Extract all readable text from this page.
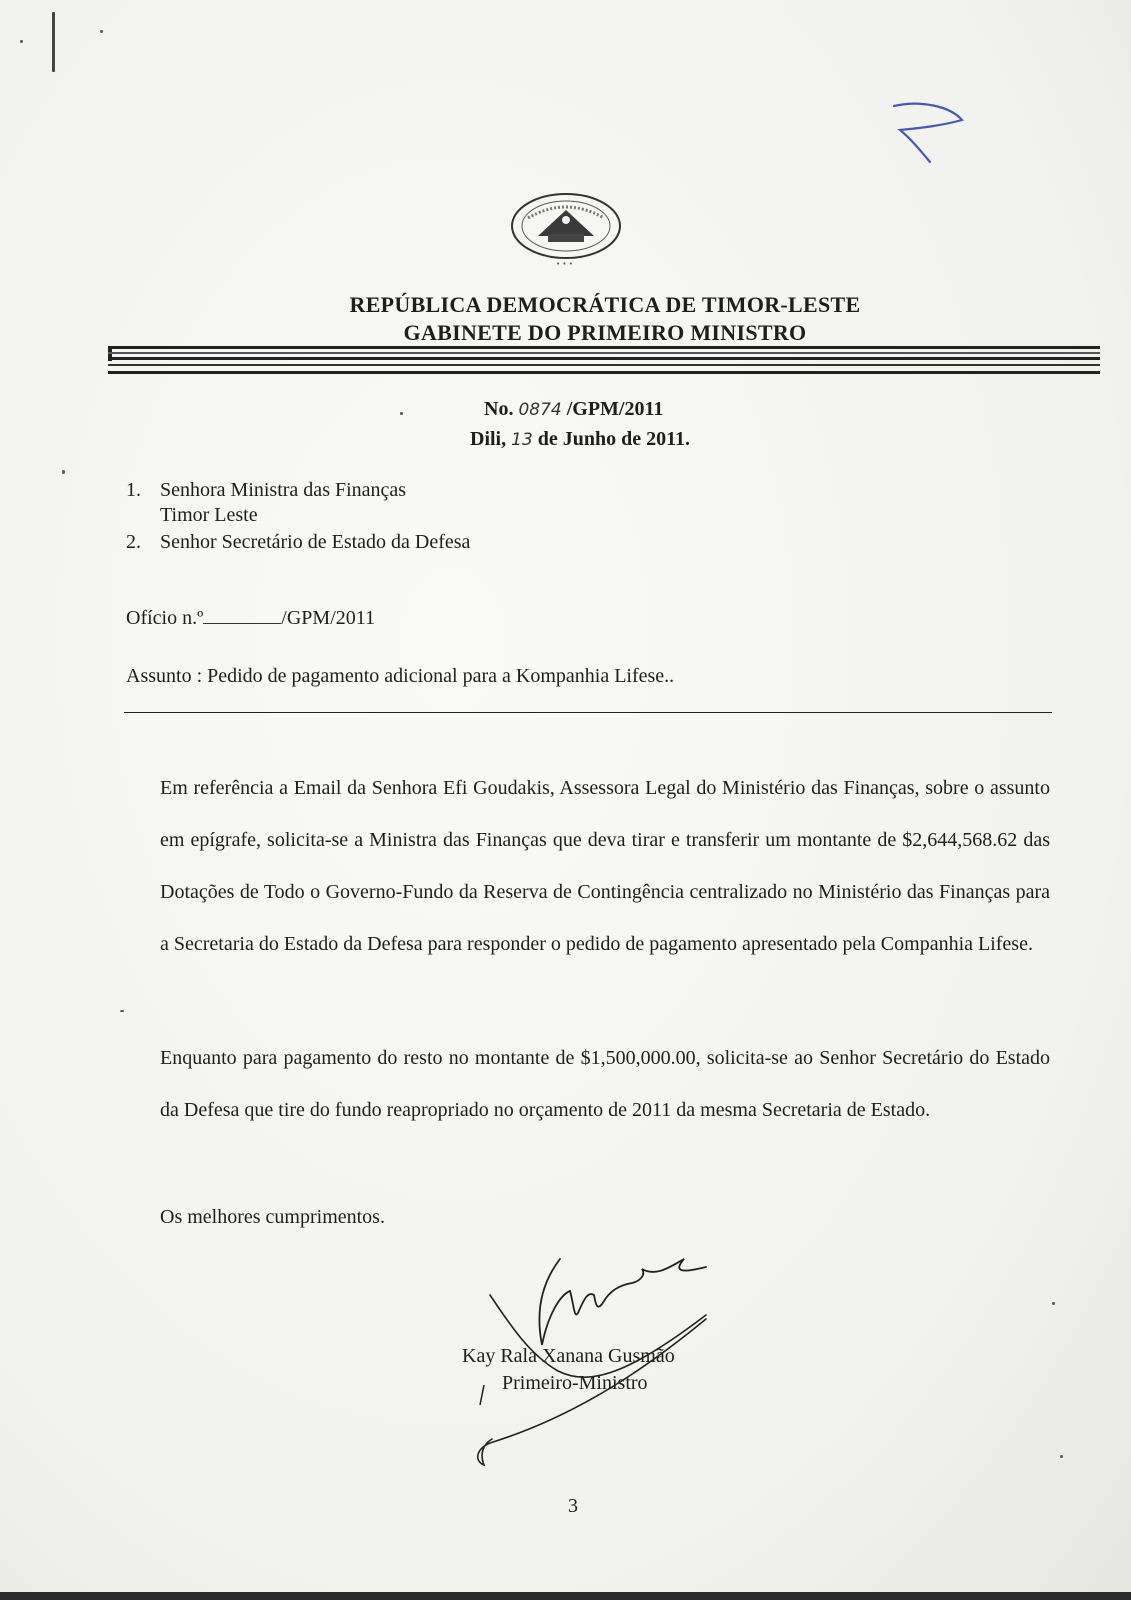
• • •
REPÚBLICA DEMOCRÁTICA DE TIMOR-LESTE
GABINETE DO PRIMEIRO MINISTRO
No. 0874 /GPM/2011
Dili, 13 de Junho de 2011.
1. Senhora Ministra das Finanças
Timor Leste
2. Senhor Secretário de Estado da Defesa
Ofício n.º	/GPM/2011
Assunto : Pedido de pagamento adicional para a Kompanhia Lifese..
Em referência a Email da Senhora Efi Goudakis, Assessora Legal do Ministério das Finanças, sobre o assunto em epígrafe, solicita-se a Ministra das Finanças que deva tirar e transferir um montante de $2,644,568.62 das Dotações de Todo o Governo-Fundo da Reserva de Contingência centralizado no Ministério das Finanças para a Secretaria do Estado da Defesa para responder o pedido de pagamento apresentado pela Companhia Lifese.
Enquanto para pagamento do resto no montante de $1,500,000.00, solicita-se ao Senhor Secretário do Estado da Defesa que tire do fundo reapropriado no orçamento de 2011 da mesma Secretaria de Estado.
Os melhores cumprimentos.
Kay Rala Xanana Gusmão
Primeiro-Ministro
3
